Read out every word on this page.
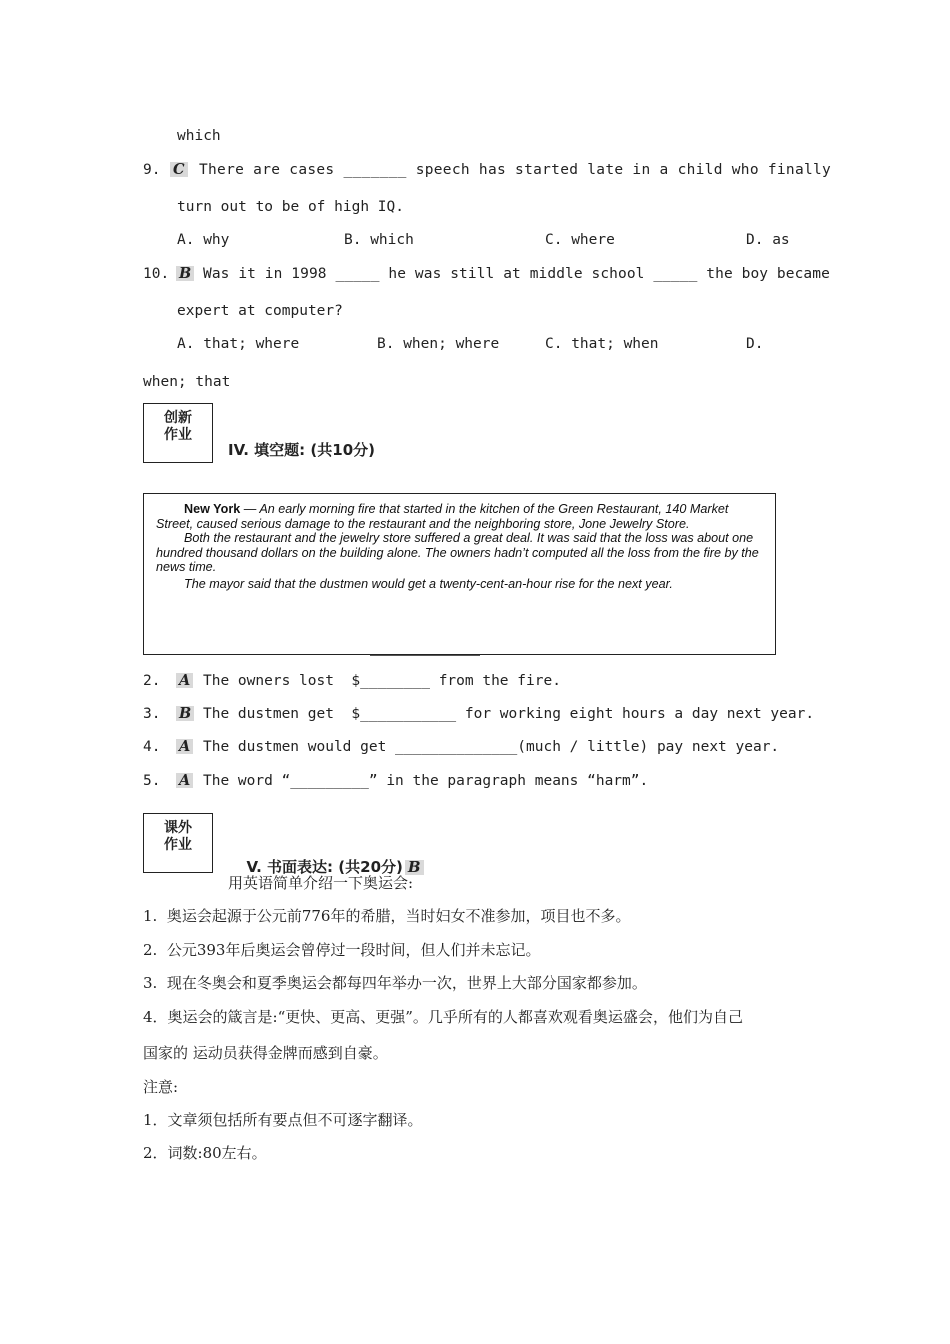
which
9. C There are cases _______ speech has started late in a child who finally
turn out to be of high IQ.
A. why	B. which	C. where	D. as
10. B Was it in 1998 _____ he was still at middle school _____ the boy became
expert at computer?
A. that; where	B. when; where	C. that; when	D.
when; that
创新
作业
IV. 填空题: (共10分)

New York — An early morning fire that started in the kitchen of the Green Restaurant, 140 Market Street, caused serious damage to the restaurant and the neighboring store, Jone Jewelry Store.

Both the restaurant and the jewelry store suffered a great deal. It was said that the loss was about one hundred thousand dollars on the building alone. The owners hadn’t computed all the loss from the fire by the news time.

The mayor said that the dustmen would get a twenty-cent-an-hour rise for the next year.

2. A The owners lost  $________ from the fire.
3. B The dustmen get  $___________ for working eight hours a day next year.
4. A The dustmen would get ______________(much / little) pay next year.
5. A The word “_________” in the paragraph means “harm”.
课外
作业

V. 书面表达: (共20分) B

用英语简单介绍一下奥运会:
1.  奥运会起源于公元前776年的希腊，当时妇女不准参加，项目也不多。
2.  公元393年后奥运会曾停过一段时间，但人们并未忘记。
3.  现在冬奥会和夏季奥运会都每四年举办一次，世界上大部分国家都参加。
4．奥运会的箴言是:“更快、更高、更强”。几乎所有的人都喜欢观看奥运盛会，他们为自己
国家的 运动员获得金牌而感到自豪。
注意:
1．文章须包括所有要点但不可逐字翻译。
2．词数:80左右。
